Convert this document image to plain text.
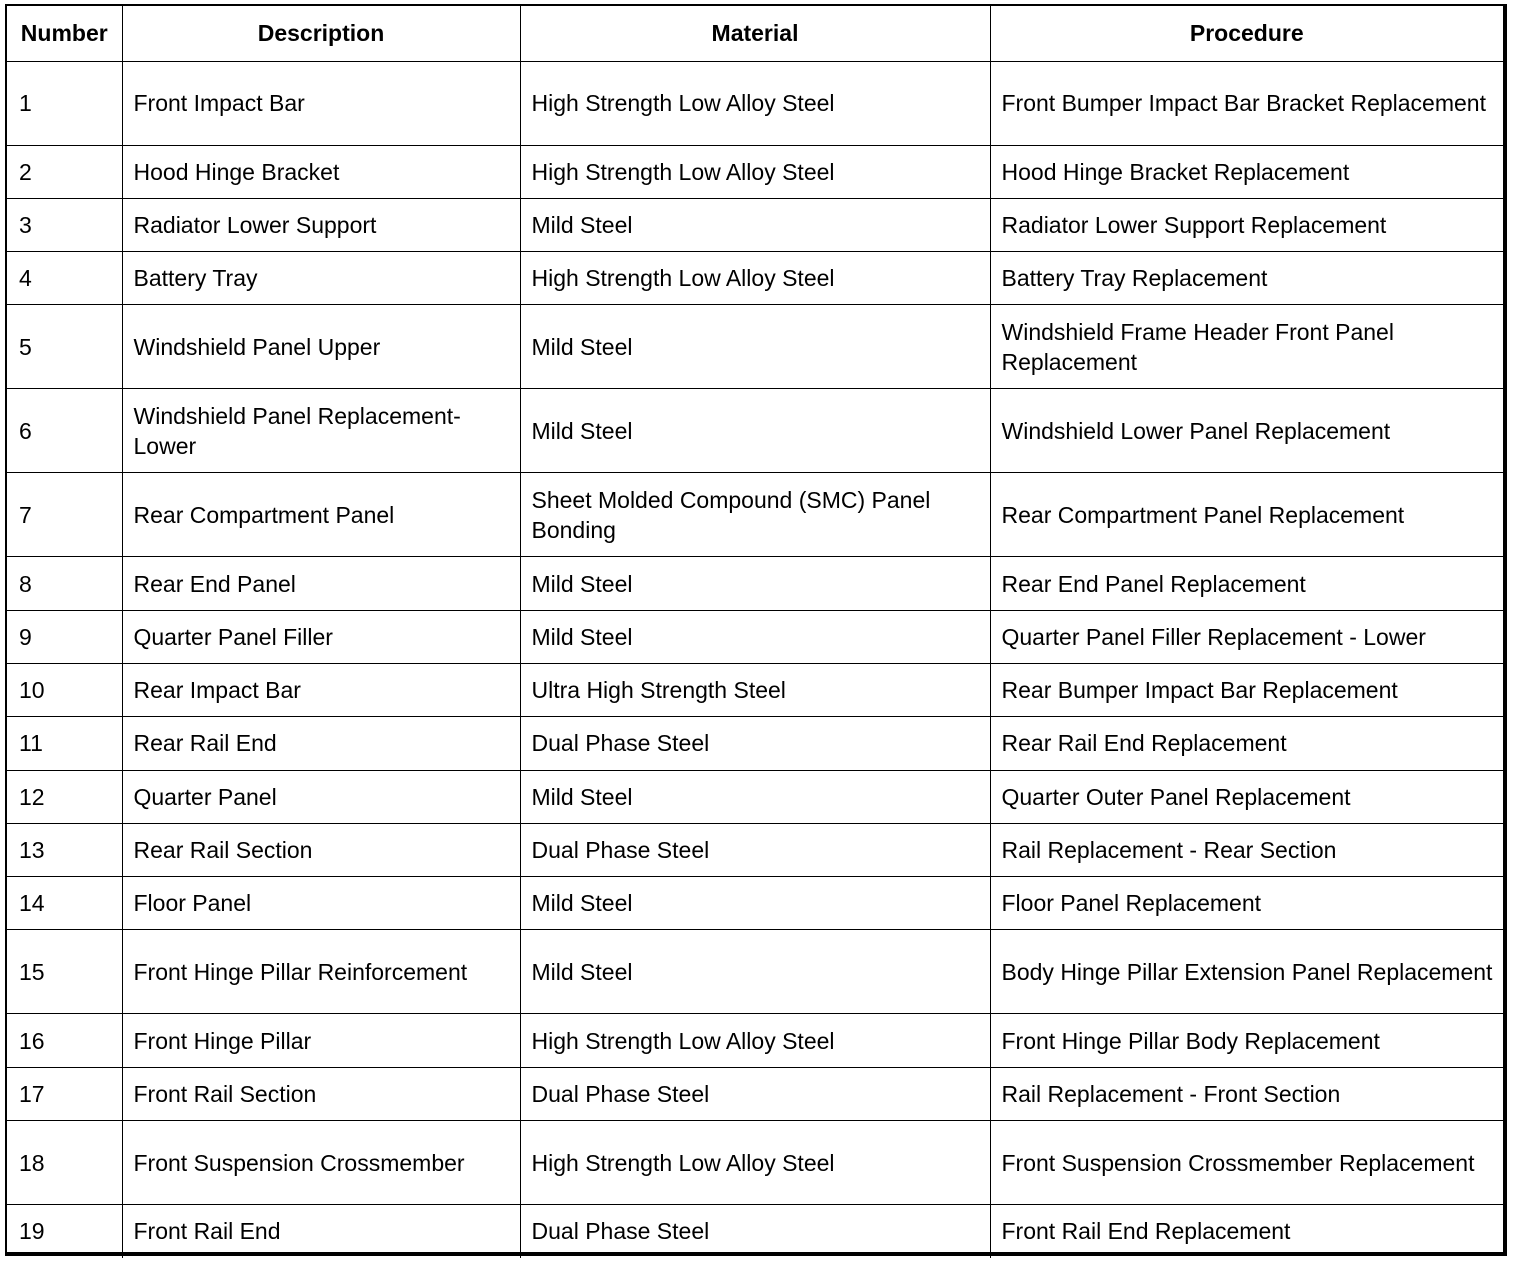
Number	Description	Material	Procedure
1	Front Impact Bar	High Strength Low Alloy Steel	Front Bumper Impact Bar Bracket Replacement
2	Hood Hinge Bracket	High Strength Low Alloy Steel	Hood Hinge Bracket Replacement
3	Radiator Lower Support	Mild Steel	Radiator Lower Support Replacement
4	Battery Tray	High Strength Low Alloy Steel	Battery Tray Replacement
5	Windshield Panel Upper	Mild Steel	Windshield Frame Header Front Panel Replacement
6	Windshield Panel Replacement-Lower	Mild Steel	Windshield Lower Panel Replacement
7	Rear Compartment Panel	Sheet Molded Compound (SMC) Panel Bonding	Rear Compartment Panel Replacement
8	Rear End Panel	Mild Steel	Rear End Panel Replacement
9	Quarter Panel Filler	Mild Steel	Quarter Panel Filler Replacement - Lower
10	Rear Impact Bar	Ultra High Strength Steel	Rear Bumper Impact Bar Replacement
11	Rear Rail End	Dual Phase Steel	Rear Rail End Replacement
12	Quarter Panel	Mild Steel	Quarter Outer Panel Replacement
13	Rear Rail Section	Dual Phase Steel	Rail Replacement - Rear Section
14	Floor Panel	Mild Steel	Floor Panel Replacement
15	Front Hinge Pillar Reinforcement	Mild Steel	Body Hinge Pillar Extension Panel Replacement
16	Front Hinge Pillar	High Strength Low Alloy Steel	Front Hinge Pillar Body Replacement
17	Front Rail Section	Dual Phase Steel	Rail Replacement - Front Section
18	Front Suspension Crossmember	High Strength Low Alloy Steel	Front Suspension Crossmember Replacement
19	Front Rail End	Dual Phase Steel	Front Rail End Replacement
